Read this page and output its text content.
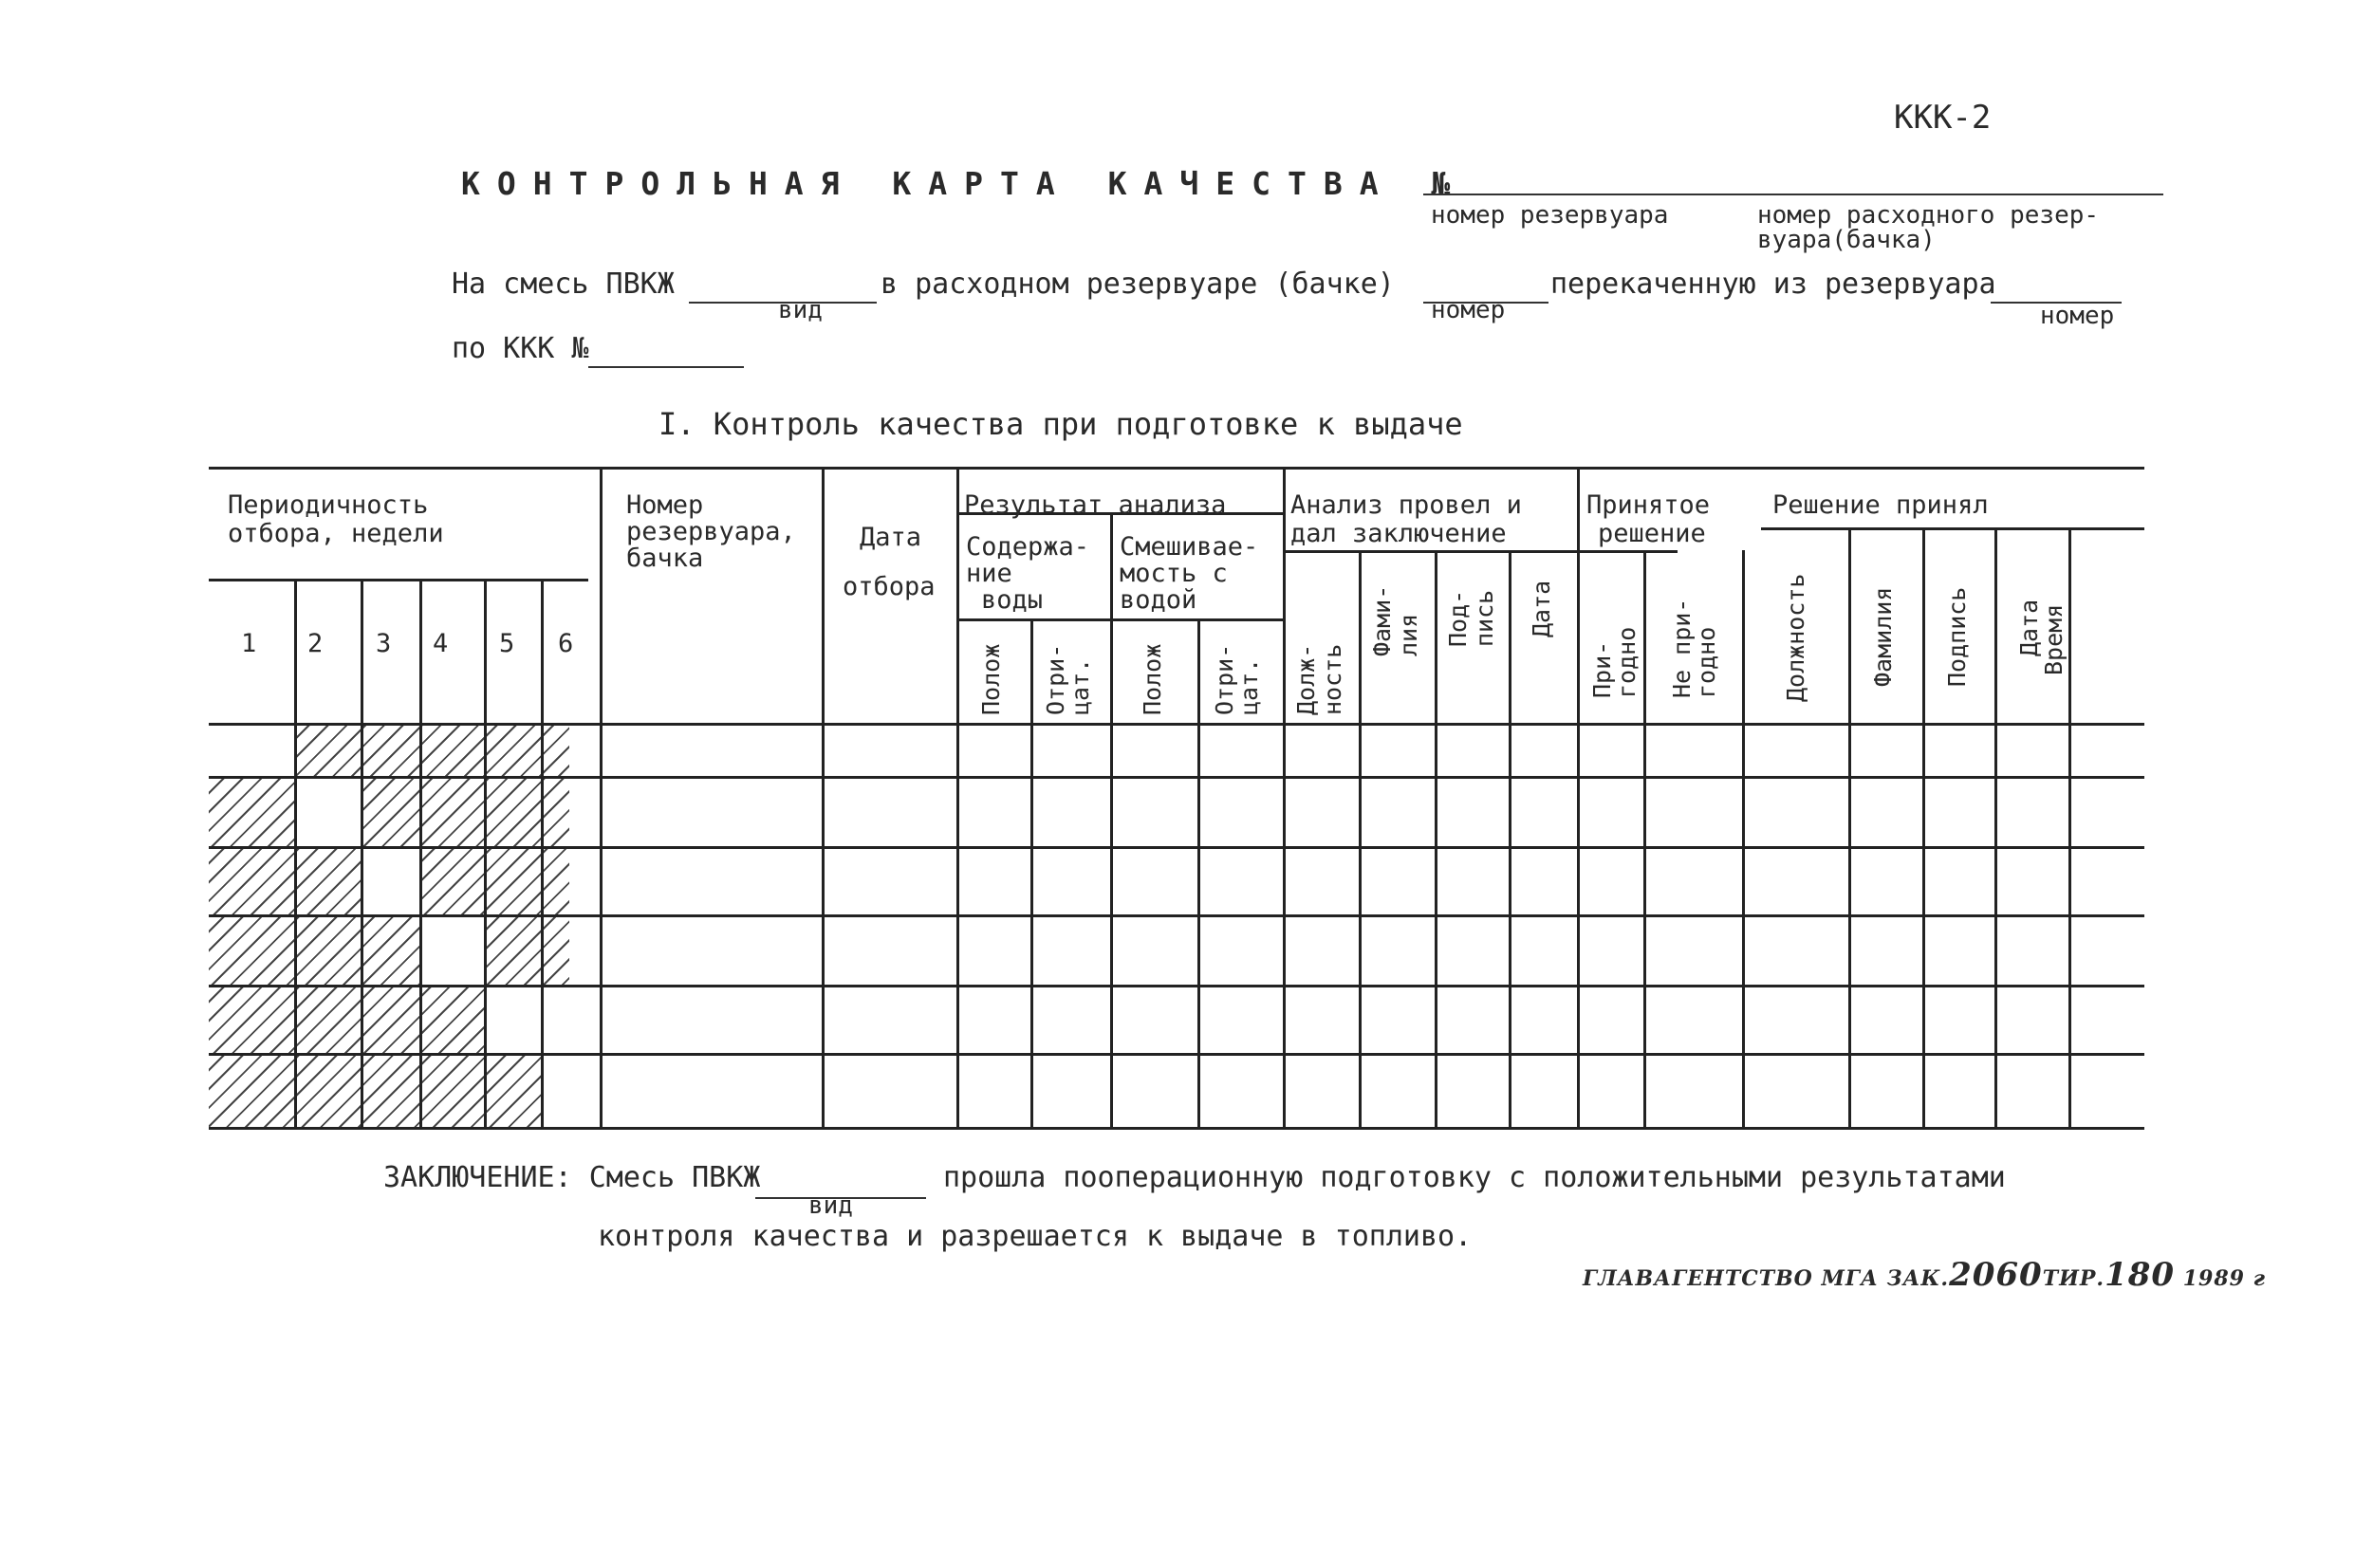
ККК-2
КОНТРОЛЬНАЯ КАРТА КАЧЕСТВА №
номер резервуара	номер расходного резер-
вуара(бачка)
На смесь ПВКЖ
вид
в расходном резервуаре (бачке)
номер
перекаченную из резервуара
номер
по ККК №
I. Контроль качества при подготовке к выдаче
Периодичность
отбора, недели
1 2 3 4 5 6
Номер
резервуара,
бачка
Дата
отбора
Результат анализа
Содержа-
ние
воды
Смешивае-
мость с
водой
Полож Отри-
цат. Полож Отри-
цат.
Анализ провел и
дал заключение
Долж- ность
Фами- лия Под- пись Дата
Принятое
решение
При-
годно Не при-
годно
Решение принял
Должность	Фамилия Подпись Дата
Время
ЗАКЛЮЧЕНИЕ: Смесь ПВКЖ
вид
прошла пооперационную подготовку с положительными результатами
контроля качества и разрешается к выдаче в топливо.
ГЛАВАГЕНТСТВО МГА ЗАК.2060ТИР.180 1989 г
